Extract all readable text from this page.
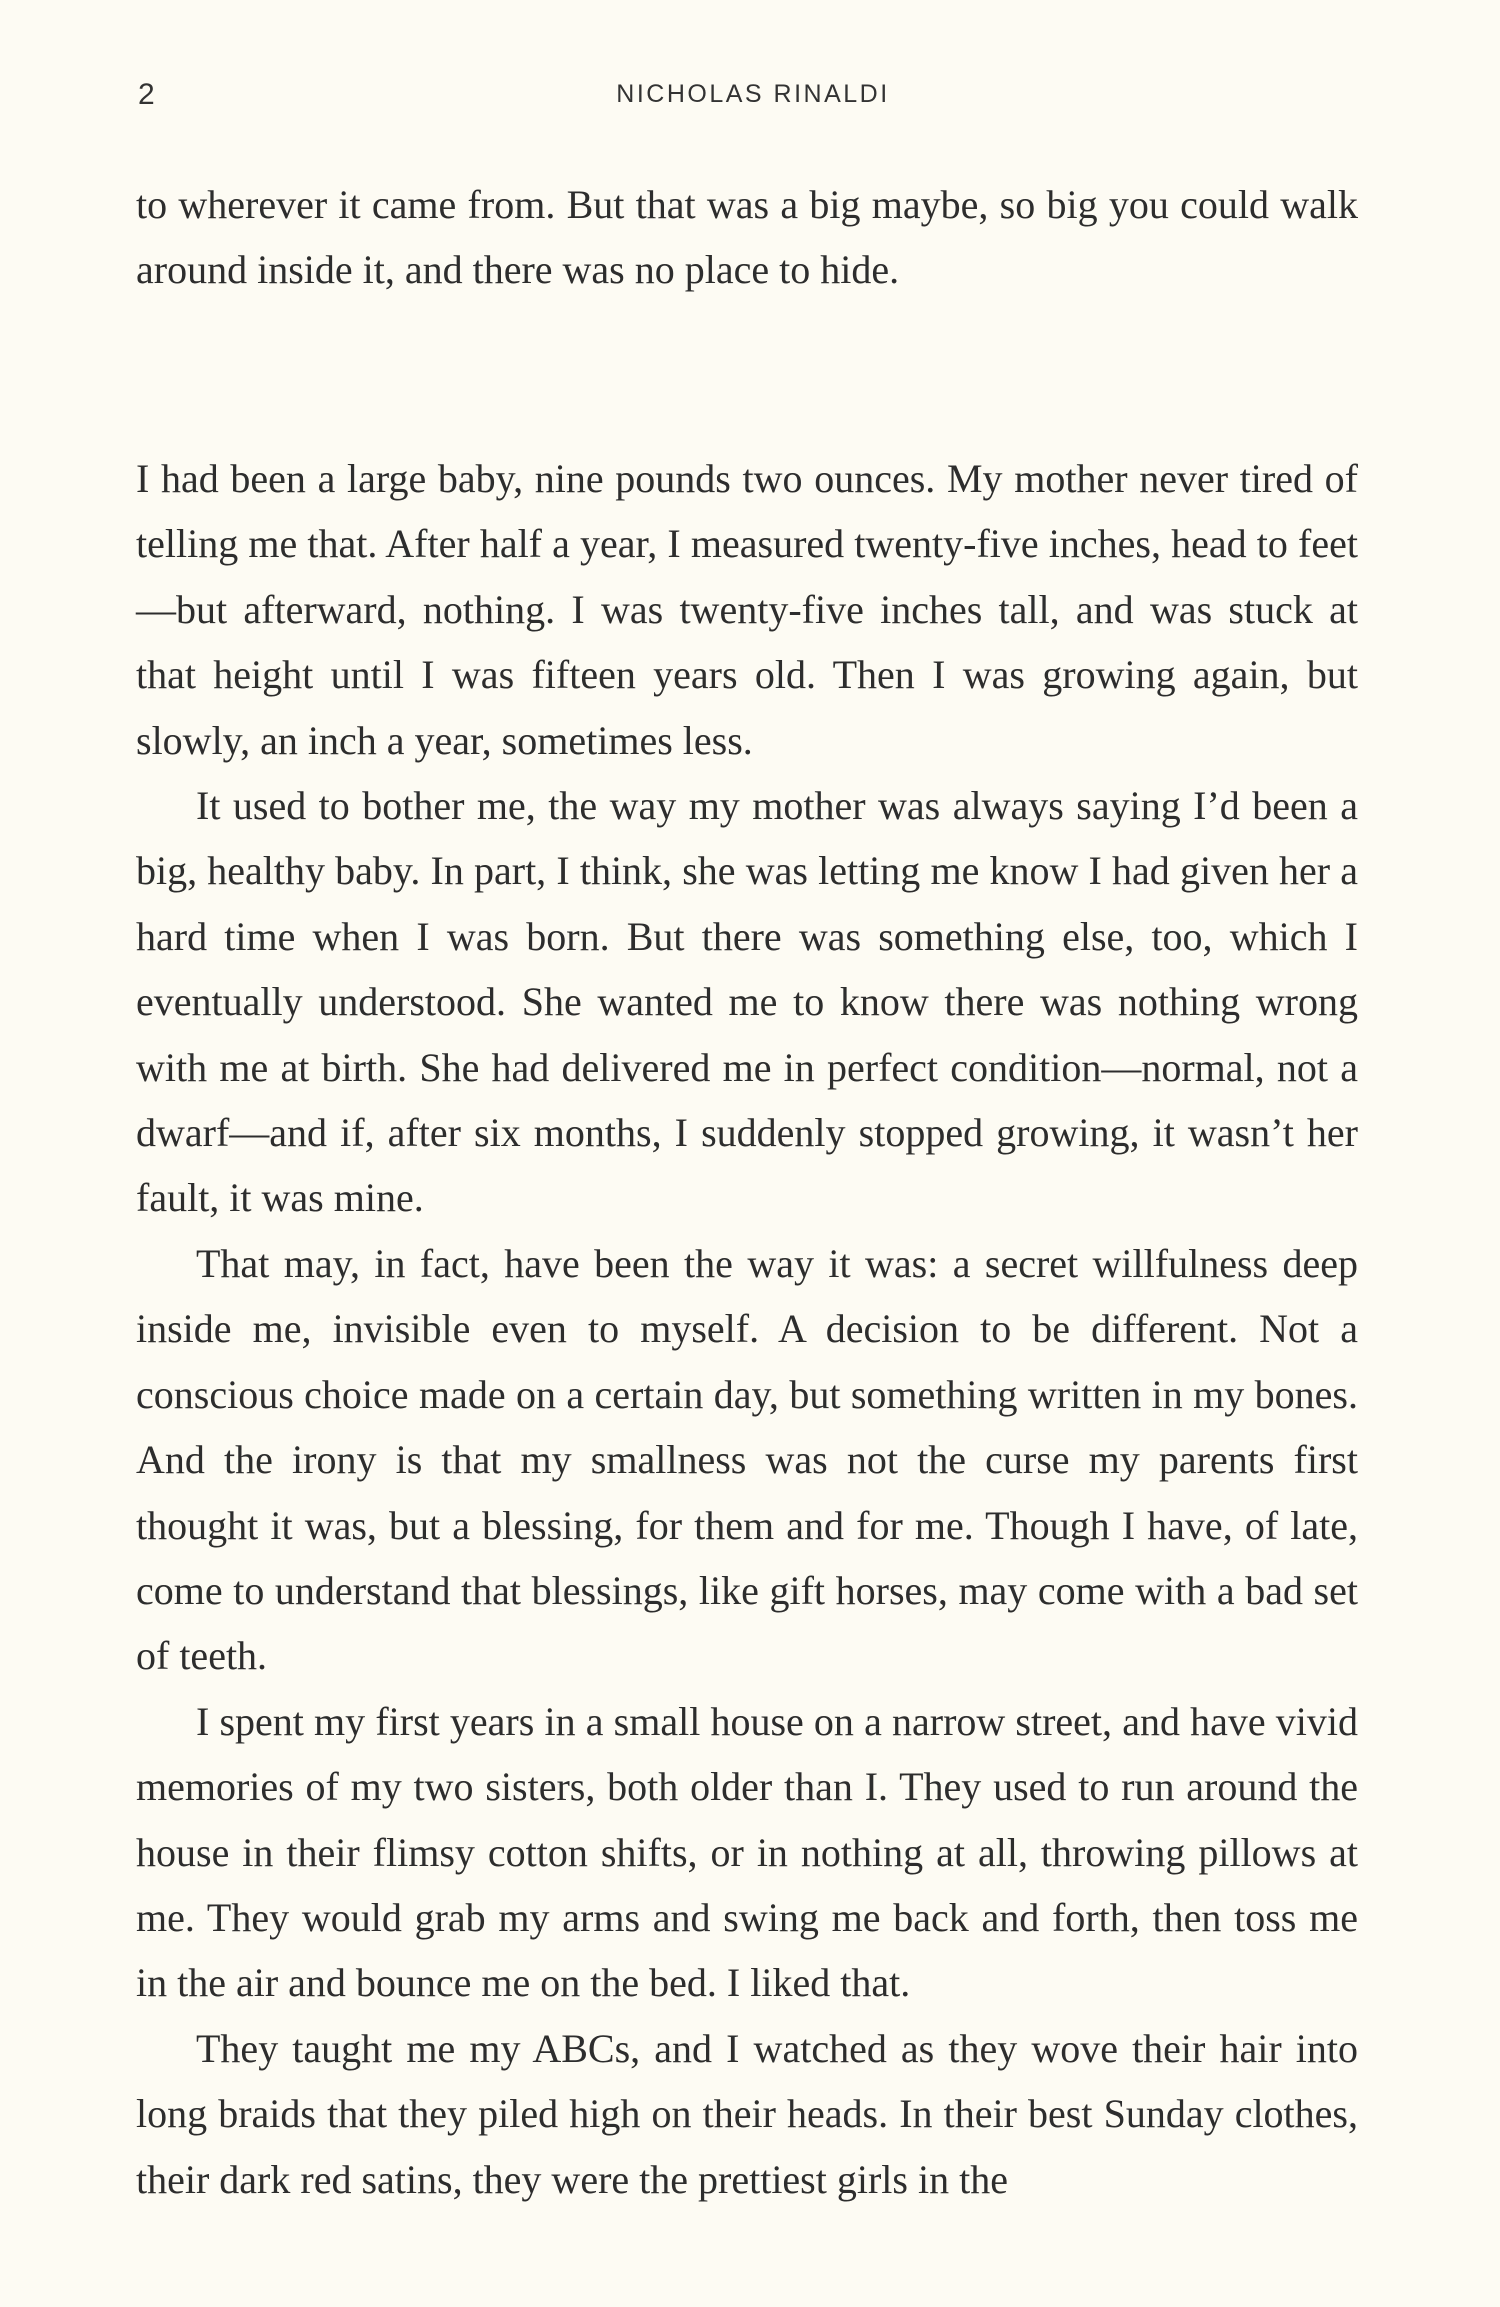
2	NICHOLAS RINALDI

to wherever it came from. But that was a big maybe, so big you could walk around inside it, and there was no place to hide.

I had been a large baby, nine pounds two ounces. My mother never tired of telling me that. After half a year, I measured twenty-five inches, head to feet—but afterward, nothing. I was twenty-five inches tall, and was stuck at that height until I was fifteen years old. Then I was growing again, but slowly, an inch a year, sometimes less.

It used to bother me, the way my mother was always saying I’d been a big, healthy baby. In part, I think, she was letting me know I had given her a hard time when I was born. But there was something else, too, which I eventually understood. She wanted me to know there was nothing wrong with me at birth. She had delivered me in perfect condition—normal, not a dwarf—and if, after six months, I suddenly stopped growing, it wasn’t her fault, it was mine.

That may, in fact, have been the way it was: a secret willfulness deep inside me, invisible even to myself. A decision to be different. Not a conscious choice made on a certain day, but something written in my bones. And the irony is that my smallness was not the curse my parents first thought it was, but a blessing, for them and for me. Though I have, of late, come to understand that blessings, like gift horses, may come with a bad set of teeth.

I spent my first years in a small house on a narrow street, and have vivid memories of my two sisters, both older than I. They used to run around the house in their flimsy cotton shifts, or in nothing at all, throwing pillows at me. They would grab my arms and swing me back and forth, then toss me in the air and bounce me on the bed. I liked that.

They taught me my ABCs, and I watched as they wove their hair into long braids that they piled high on their heads. In their best Sunday clothes, their dark red satins, they were the prettiest girls in the
